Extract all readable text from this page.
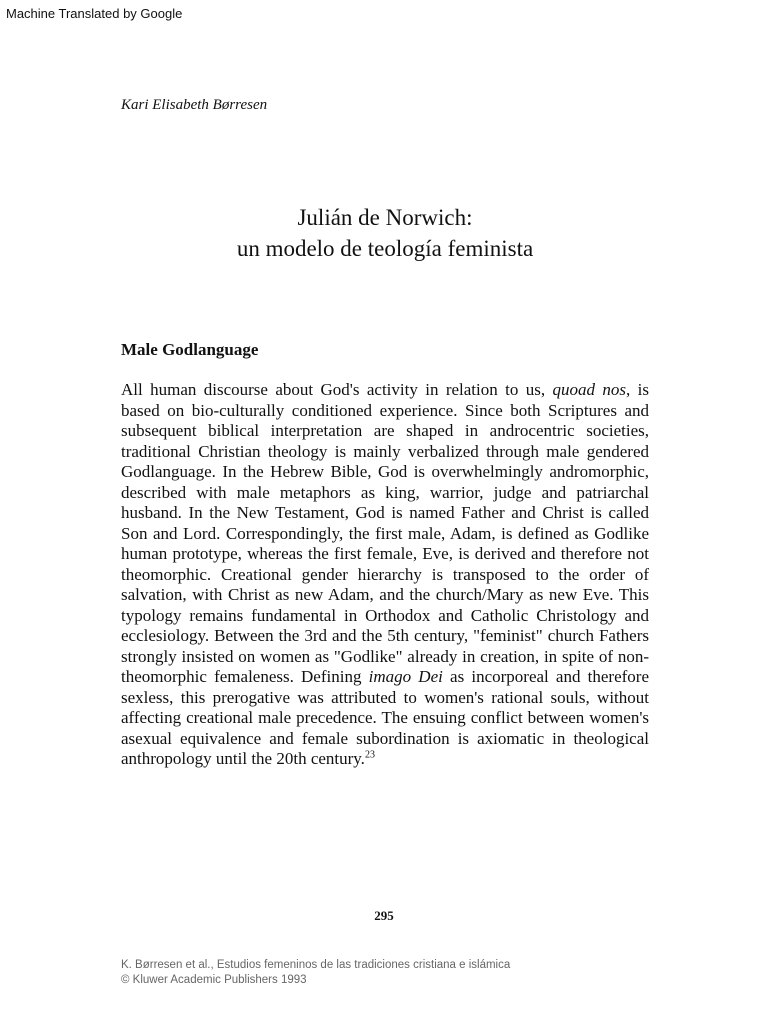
Machine Translated by Google
Kari Elisabeth Børresen
Julián de Norwich:
un modelo de teología feminista
Male Godlanguage
All human discourse about God's activity in relation to us, quoad nos, is based on bio-culturally conditioned experience. Since both Scriptures and subsequent biblical interpretation are shaped in androcentric societies, traditional Christian theology is mainly verbalized through male gendered Godlanguage. In the Hebrew Bible, God is overwhelmingly andromorphic, described with male metaphors as king, warrior, judge and patriarchal husband. In the New Testament, God is named Father and Christ is called Son and Lord. Correspondingly, the first male, Adam, is defined as Godlike human prototype, whereas the first female, Eve, is derived and therefore not theomorphic. Creational gender hierarchy is transposed to the order of salvation, with Christ as new Adam, and the church/Mary as new Eve. This typology remains fundamental in Orthodox and Catholic Christology and ecclesiology. Between the 3rd and the 5th century, "feminist" church Fathers strongly insisted on women as "Godlike" already in creation, in spite of non-theomorphic femaleness. Defining imago Dei as incorporeal and therefore sexless, this prerogative was attributed to women's rational souls, without affecting creational male precedence. The ensuing conflict between women's asexual equivalence and female subordination is axiomatic in theological anthropology until the 20th century.$^{23}$
295
K. Børresen et al., Estudios femeninos de las tradiciones cristiana e islámica
© Kluwer Academic Publishers 1993
